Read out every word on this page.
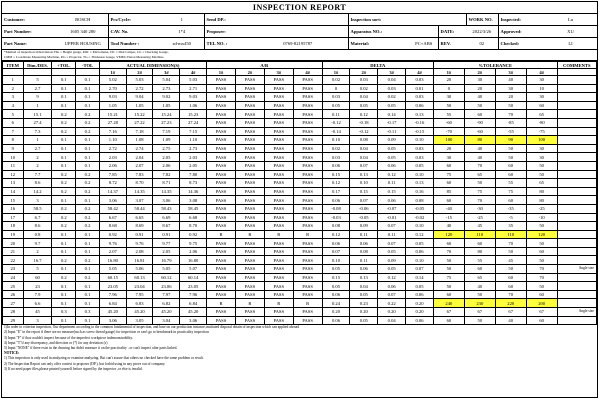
INSPECTION REPORT
Customer:	BOSCH	Pcs/Cycle:	1	Send DP.:		Inspection sort:			WORK NO.	Inspected:	Lu
Part Number:	1605 340 280	CAV. No.	1*4	Proposer:		Apparatus NO.:		DATE:	2022/3/26	Approved:	XU
Part Name:	UPPER HOUSING	Tool Number :	sd-mx450	TEL NO. :	0769-82195787	Material:	PC+ABS	REV.	02	Checked:	LI
*Method of inspection abbreviation: HG = Height gauge, MIC = Micrometer, DC = Dial Caliper, CG = Checking Gauge,
CMM = Coordinate Measuring Machine, P.G = Projector, TG = Thickness Gauge, VMM=Vision Measuring Machine
ITEM	Dim./DES.	+TOL.	-TOL	ACTUAL DIMENSION(S)				A/R				DELTA				%TOLERANCE				COMMENTS
				1#	2#	3#	4#	1#	2#	3#	4#	1#	2#	3#	4#	1#	2#	3#	4#	
1	5	0.1	0.1	5.02	5.03	5.04	5.03	PASS	PASS	PASS	PASS	0.02	0.03	0.04	0.03	20	30	40	30	
2	2.7	0.1	0.1	2.70	2.72	2.73	2.71	PASS	PASS	PASS	PASS	0	0.02	0.03	0.01	0	20	30	10	
3	9	0.1	0.1	9.03	9.04	9.02	9.03	PASS	PASS	PASS	PASS	0.03	0.04	0.02	0.03	30	40	20	30	
4	1	0.1	0.1	1.05	1.05	1.05	1.06	PASS	PASS	PASS	PASS	0.05	0.05	0.05	0.06	50	50	50	60	
5	15.1	0.2	0.2	15.21	15.22	15.24	15.23	PASS	PASS	PASS	PASS	0.11	0.12	0.14	0.13	55	60	70	65	
6	27.4	0.2	0.2	27.28	27.22	27.23	27.24	PASS	PASS	PASS	PASS	-0.12	-0.18	-0.17	-0.16	-60	-90	-85	-80	
7	7.3	0.2	0.2	7.16	7.18	7.19	7.15	PASS	PASS	PASS	PASS	-0.14	-0.12	-0.11	-0.15	-70	-60	-55	-75	
8	1	0.1	0.1	1.10	1.08	1.09	1.10	PASS	PASS	PASS	PASS	0.10	0.08	0.09	0.10	100	80	90	100	
9	2.7	0.1	0.1	2.72	2.74	2.75	2.73	PASS	PASS	PASS	PASS	0.02	0.04	0.05	0.03	20	40	50	30	
10	2	0.1	0.1	2.03	2.04	2.05	2.03	PASS	PASS	PASS	PASS	0.03	0.04	0.05	0.03	30	40	50	30	
11	2	0.1	0.1	2.06	2.07	2.06	2.05	PASS	PASS	PASS	PASS	0.06	0.07	0.06	0.05	60	70	60	50	
12	7.7	0.2	0.2	7.85	7.83	7.82	7.80	PASS	PASS	PASS	PASS	0.15	0.13	0.12	0.10	75	65	60	50	
13	8.6	0.2	0.2	8.72	8.70	8.71	8.73	PASS	PASS	PASS	PASS	0.12	0.10	0.11	0.13	60	50	55	65	
14	14.2	0.2	0.2	14.37	14.35	14.35	14.36	PASS	PASS	PASS	PASS	0.17	0.15	0.15	0.16	85	75	75	80	
15	3	0.1	0.1	3.06	3.07	3.06	3.08	PASS	PASS	PASS	PASS	0.06	0.07	0.06	0.08	60	70	60	80	
16	58.5	0.2	0.2	58.42	58.44	58.43	58.45	PASS	PASS	PASS	PASS	-0.08	-0.06	-0.07	-0.05	-40	-30	-35	-25	
17	6.7	0.2	0.2	6.67	6.65	6.69	6.68	PASS	PASS	PASS	PASS	-0.03	-0.05	-0.01	-0.02	-15	-25	-5	-10	
18	8.6	0.2	0.2	8.68	8.69	8.67	8.70	PASS	PASS	PASS	PASS	0.08	0.09	0.07	0.10	40	45	35	50	
19	0.8	0.1	0.1	0.92	0.91	0.91	0.92	R	R	R	R	0.12	0.11	0.11	0.12	120	110	110	120	
20	9.7	0.1	0.1	9.76	9.76	9.77	9.75	PASS	PASS	PASS	PASS	0.06	0.06	0.07	0.05	60	60	70	50	
21	2	0.1	0.1	2.07	2.08	2.05	2.06	PASS	PASS	PASS	PASS	0.07	0.08	0.05	0.06	70	80	50	60	
22	16.7	0.2	0.2	16.80	16.81	16.79	16.80	PASS	PASS	PASS	PASS	0.10	0.11	0.09	0.10	50	55	45	50	
23	5	0.1	0.1	5.05	5.06	5.05	5.07	PASS	PASS	PASS	PASS	0.05	0.06	0.05	0.07	50	60	50	70	Angle size
24	60	0.2	0.2	60.15	60.13	60.12	60.14	PASS	PASS	PASS	PASS	0.15	0.13	0.12	0.14	75	65	60	70	
25	23	0.1	0.1	23.05	23.04	23.06	23.05	PASS	PASS	PASS	PASS	0.05	0.04	0.06	0.05	50	40	60	50	
26	7.9	0.1	0.1	7.96	7.95	7.97	7.96	PASS	PASS	PASS	PASS	0.06	0.05	0.07	0.06	60	50	70	60	
27	6.6	0.1	0.1	6.84	6.83	6.82	6.84	R	R	R	R	0.24	0.23	0.22	0.20	240	230	220	200	
28	45	0.3	0.3	45.20	45.20	45.20	45.20	PASS	PASS	PASS	PASS	0.20	0.20	0.20	0.20	67	67	67	67	Angle size
29	3	0.1	0.1	3.06	3.05	3.04	3.06	PASS	PASS	PASS	PASS	0.06	0.05	0.04	0.06	60	50	40	60	
1)In order to criterion inspection, Our department according to the common fundamental of inspection, and base on our production instance,instituted disposal obtain of inspection which can applied abroad
2) Input "E" in the report if there are no measure(such as screw thread gauge) for inspection or can't go to benchmark in practicality inspection
3) Input "F" if that couldn't inspect because of the imperfect workpiece indemonstrability.
4) Input "T"if any discrepancy, and direction or (*) for any deviation (s)
5) Input "NONE" if there exist in the drawing but didn't measure it on the practicality , or can't inspect after parts linked.
NOTICE:
1) This inspection is only used in analyzing or examine analyzing. But can't assure that others no checked have the same problem or result.
2) The Inspection Report can only offer contest to proposer (DP.), but forbid using in any prove out of company.
3) If no need paper files,please printed yourself before signed by the inspector ,or else is invalid.
